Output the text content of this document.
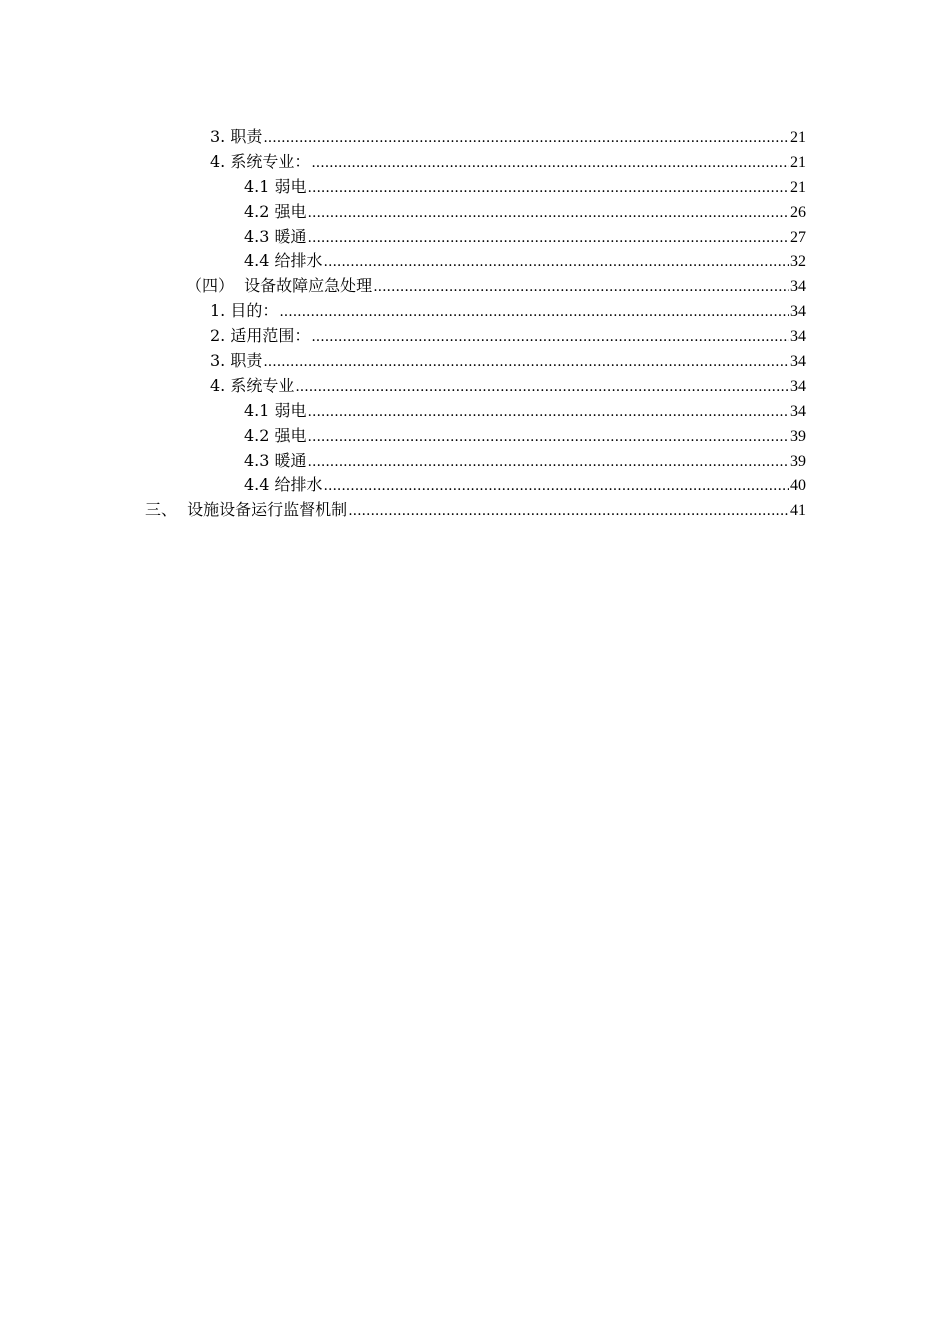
3. 职责 .....	21
4. 系统专业： .....	21
4.1 弱电 .....	21
4.2 强电 .....	26
4.3 暖通 .....	27
4.4 给排水 .....	32
（四）  设备故障应急处理 .....	34
1. 目的： .....	34
2. 适用范围： .....	34
3. 职责 .....	34
4. 系统专业 .....	34
4.1 弱电 .....	34
4.2 强电 .....	39
4.3 暖通 .....	39
4.4 给排水 .....	40
三、  设施设备运行监督机制 .....	41
